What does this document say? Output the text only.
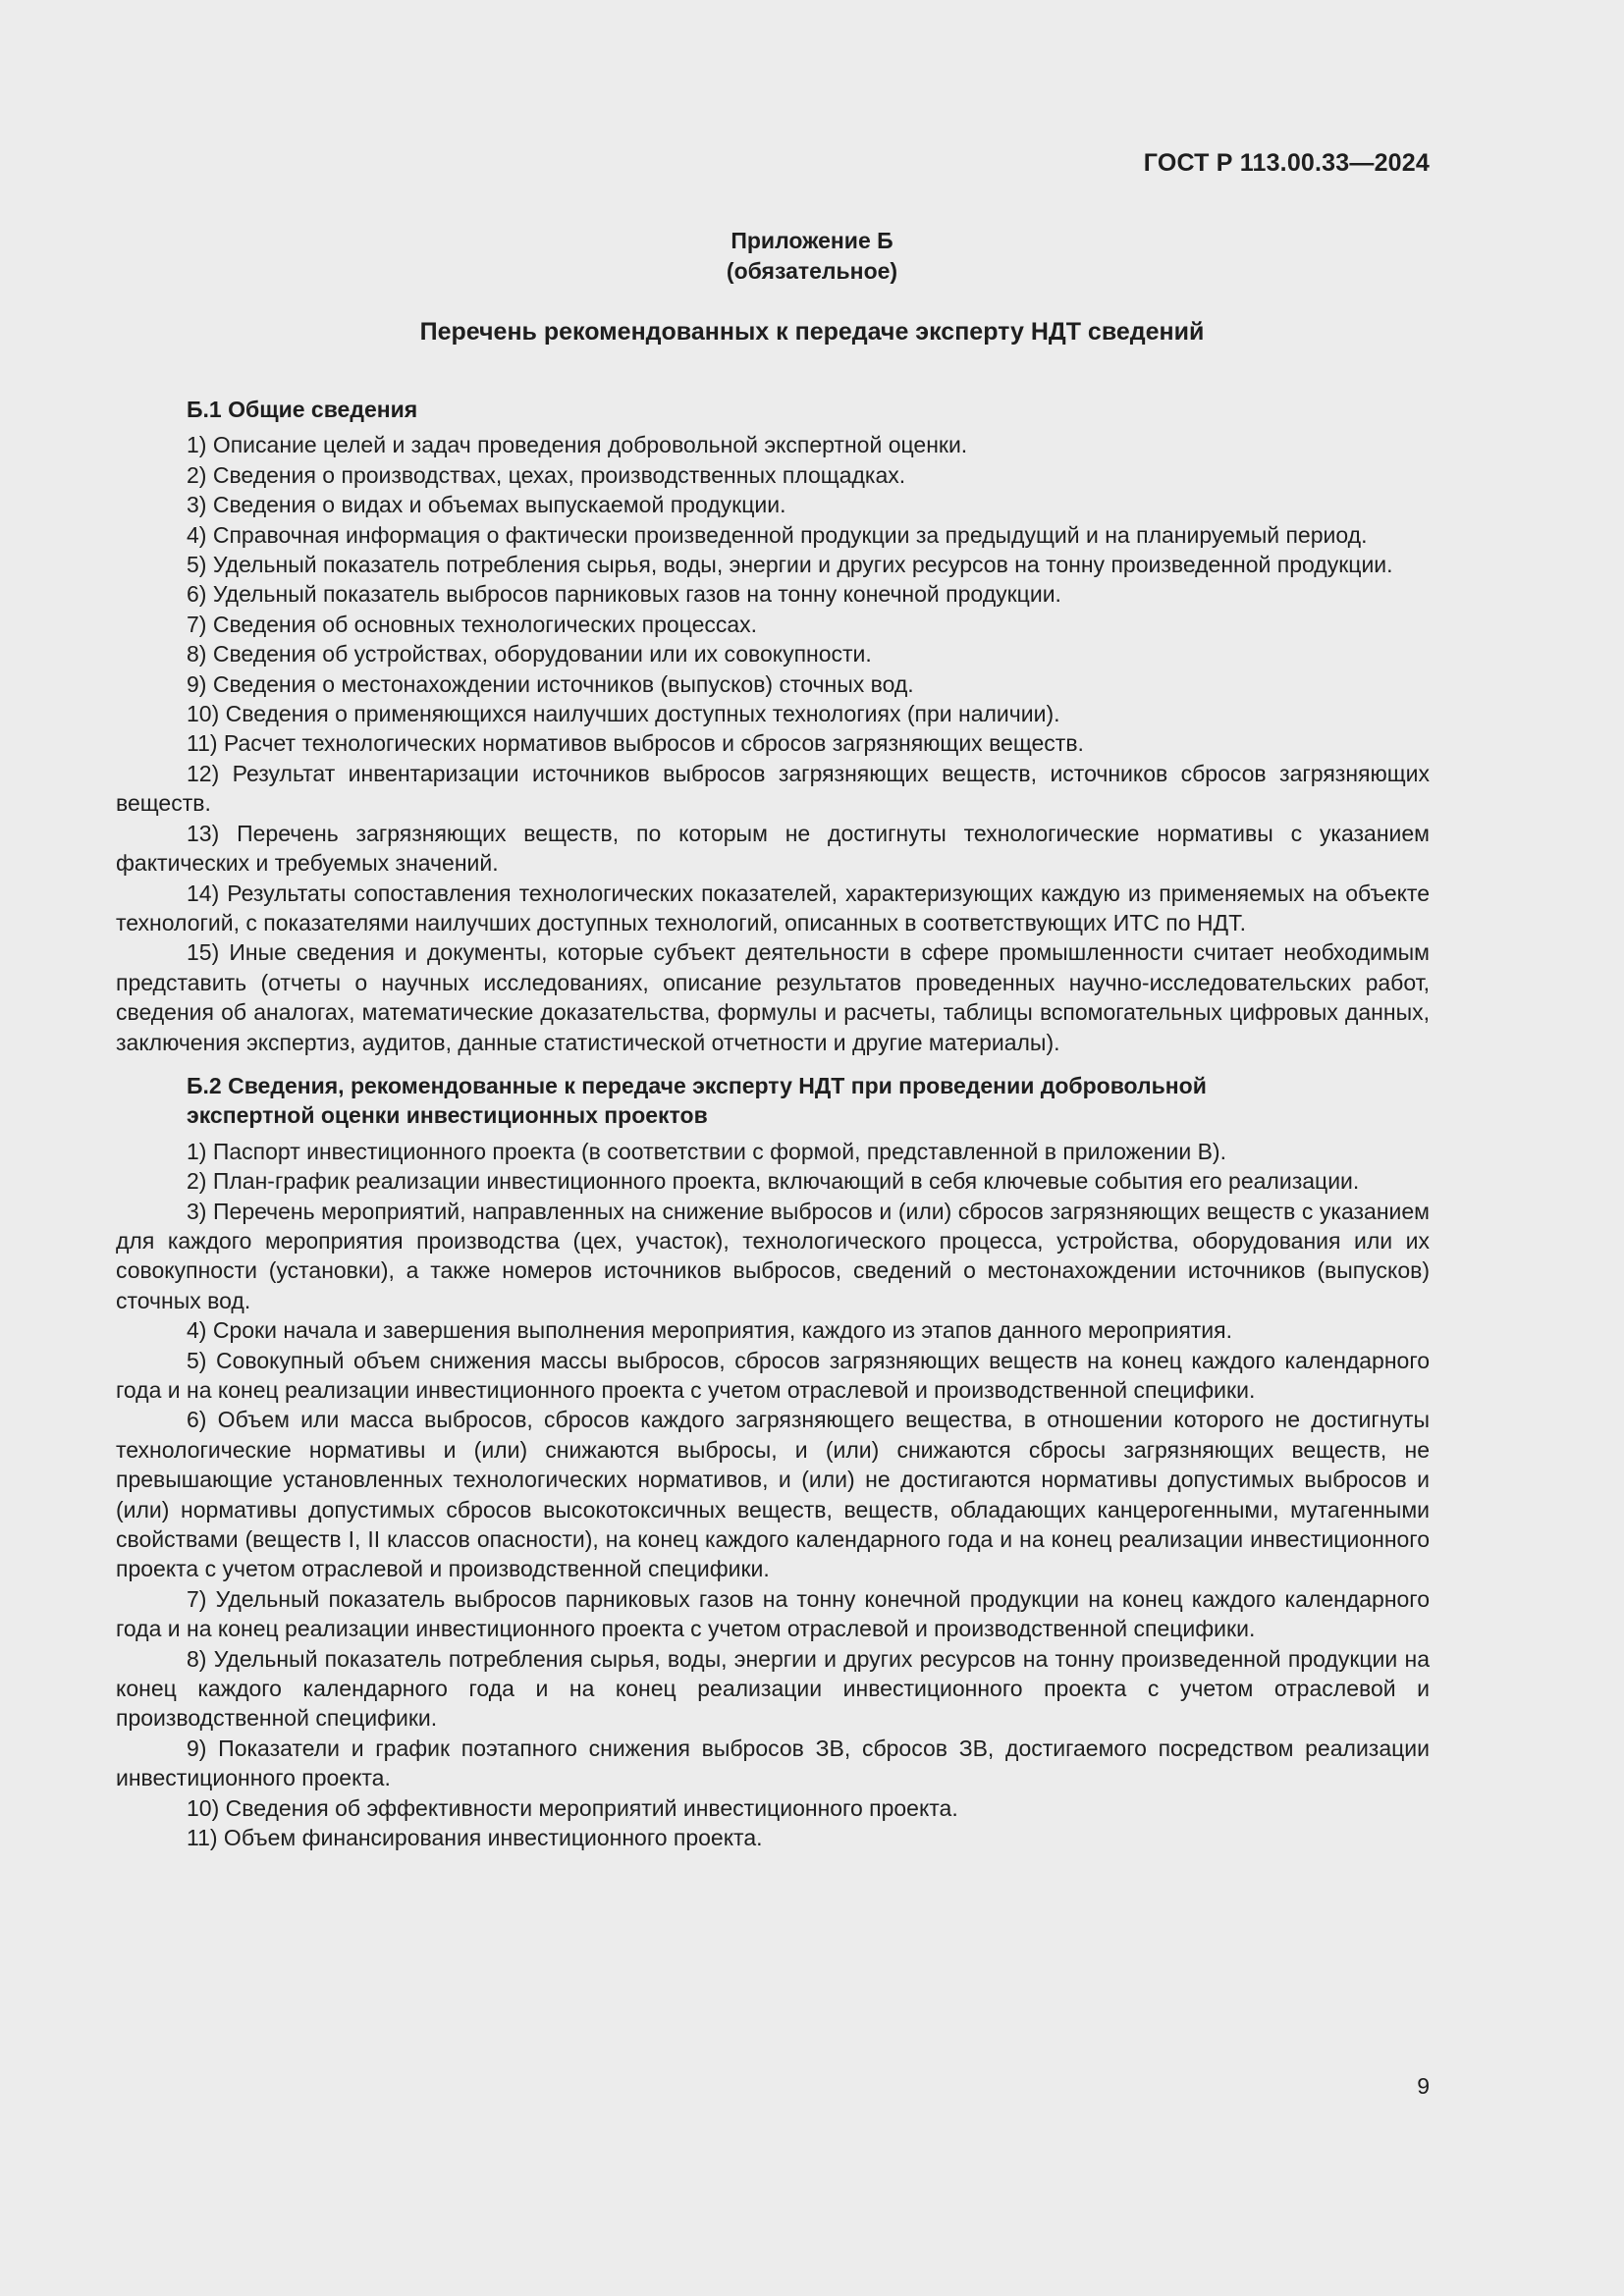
ГОСТ Р 113.00.33—2024
Приложение Б
(обязательное)
Перечень рекомендованных к передаче эксперту НДТ сведений
Б.1 Общие сведения

1) Описание целей и задач проведения добровольной экспертной оценки.

2) Сведения о производствах, цехах, производственных площадках.

3) Сведения о видах и объемах выпускаемой продукции.

4) Справочная информация о фактически произведенной продукции за предыдущий и на планируемый период.

5) Удельный показатель потребления сырья, воды, энергии и других ресурсов на тонну произведенной продукции.

6) Удельный показатель выбросов парниковых газов на тонну конечной продукции.

7) Сведения об основных технологических процессах.

8) Сведения об устройствах, оборудовании или их совокупности.

9) Сведения о местонахождении источников (выпусков) сточных вод.

10) Сведения о применяющихся наилучших доступных технологиях (при наличии).

11) Расчет технологических нормативов выбросов и сбросов загрязняющих веществ.

12) Результат инвентаризации источников выбросов загрязняющих веществ, источников сбросов загрязняющих веществ.

13) Перечень загрязняющих веществ, по которым не достигнуты технологические нормативы с указанием фактических и требуемых значений.

14) Результаты сопоставления технологических показателей, характеризующих каждую из применяемых на объекте технологий, с показателями наилучших доступных технологий, описанных в соответствующих ИТС по НДТ.

15) Иные сведения и документы, которые субъект деятельности в сфере промышленности считает необходимым представить (отчеты о научных исследованиях, описание результатов проведенных научно-исследовательских работ, сведения об аналогах, математические доказательства, формулы и расчеты, таблицы вспомогательных цифровых данных, заключения экспертиз, аудитов, данные статистической отчетности и другие материалы).

Б.2 Сведения, рекомендованные к передаче эксперту НДТ при проведении добровольной экспертной оценки инвестиционных проектов

1) Паспорт инвестиционного проекта (в соответствии с формой, представленной в приложении В).

2) План-график реализации инвестиционного проекта, включающий в себя ключевые события его реализации.

3) Перечень мероприятий, направленных на снижение выбросов и (или) сбросов загрязняющих веществ с указанием для каждого мероприятия производства (цех, участок), технологического процесса, устройства, оборудования или их совокупности (установки), а также номеров источников выбросов, сведений о местонахождении источников (выпусков) сточных вод.

4) Сроки начала и завершения выполнения мероприятия, каждого из этапов данного мероприятия.

5) Совокупный объем снижения массы выбросов, сбросов загрязняющих веществ на конец каждого календарного года и на конец реализации инвестиционного проекта с учетом отраслевой и производственной специфики.

6) Объем или масса выбросов, сбросов каждого загрязняющего вещества, в отношении которого не достигнуты технологические нормативы и (или) снижаются выбросы, и (или) снижаются сбросы загрязняющих веществ, не превышающие установленных технологических нормативов, и (или) не достигаются нормативы допустимых выбросов и (или) нормативы допустимых сбросов высокотоксичных веществ, веществ, обладающих канцерогенными, мутагенными свойствами (веществ I, II классов опасности), на конец каждого календарного года и на конец реализации инвестиционного проекта с учетом отраслевой и производственной специфики.

7) Удельный показатель выбросов парниковых газов на тонну конечной продукции на конец каждого календарного года и на конец реализации инвестиционного проекта с учетом отраслевой и производственной специфики.

8) Удельный показатель потребления сырья, воды, энергии и других ресурсов на тонну произведенной продукции на конец каждого календарного года и на конец реализации инвестиционного проекта с учетом отраслевой и производственной специфики.

9) Показатели и график поэтапного снижения выбросов ЗВ, сбросов ЗВ, достигаемого посредством реализации инвестиционного проекта.

10) Сведения об эффективности мероприятий инвестиционного проекта.

11) Объем финансирования инвестиционного проекта.

9
